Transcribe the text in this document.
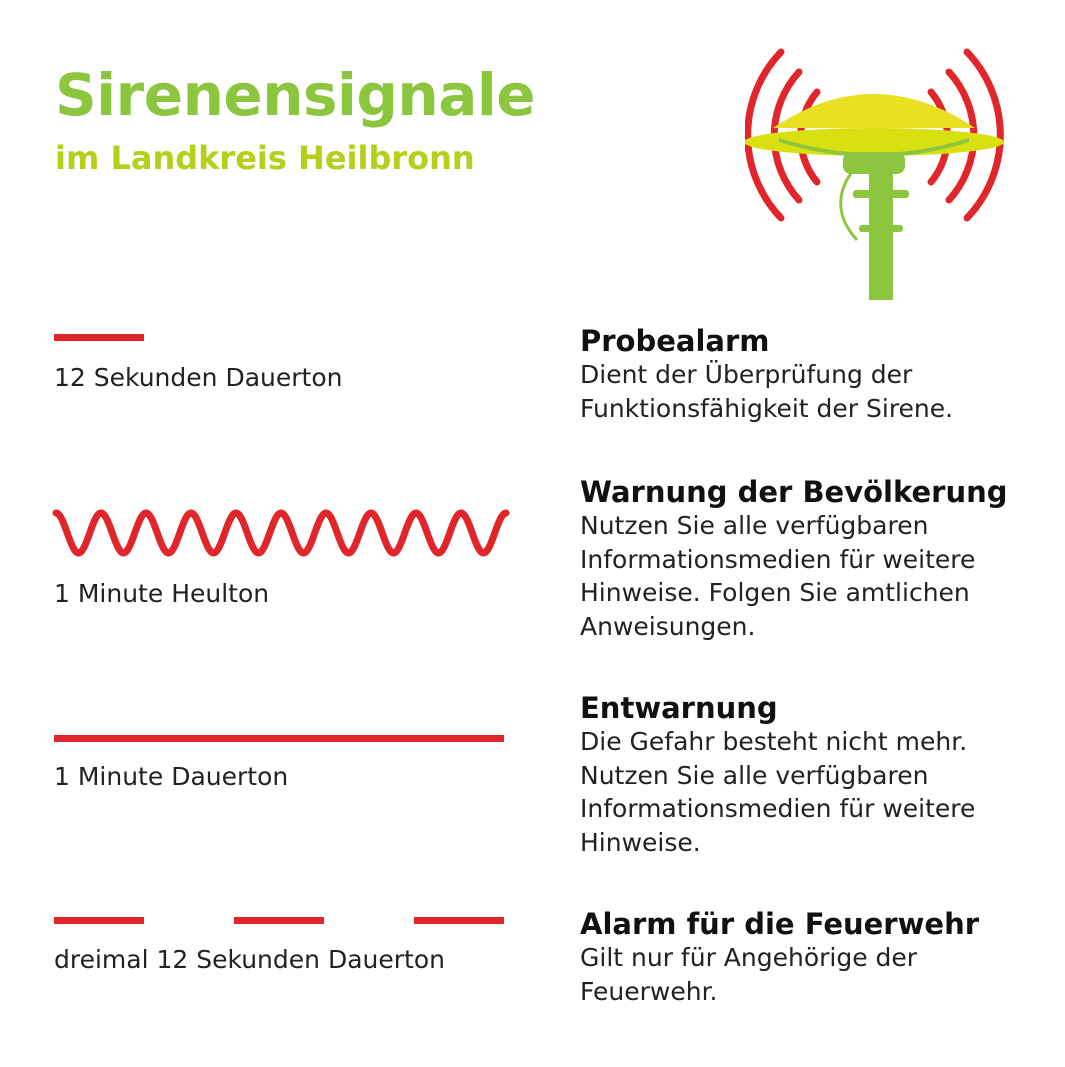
Sirenensignale
im Landkreis Heilbronn
12 Sekunden Dauerton
Probealarm
Dient der Überprüfung der
Funktionsfähigkeit der Sirene.
1 Minute Heulton
Warnung der Bevölkerung
Nutzen Sie alle verfügbaren
Informationsmedien für weitere
Hinweise. Folgen Sie amtlichen
Anweisungen.
1 Minute Dauerton
Entwarnung
Die Gefahr besteht nicht mehr.
Nutzen Sie alle verfügbaren
Informationsmedien für weitere
Hinweise.
dreimal 12 Sekunden Dauerton
Alarm für die Feuerwehr
Gilt nur für Angehörige der
Feuerwehr.
